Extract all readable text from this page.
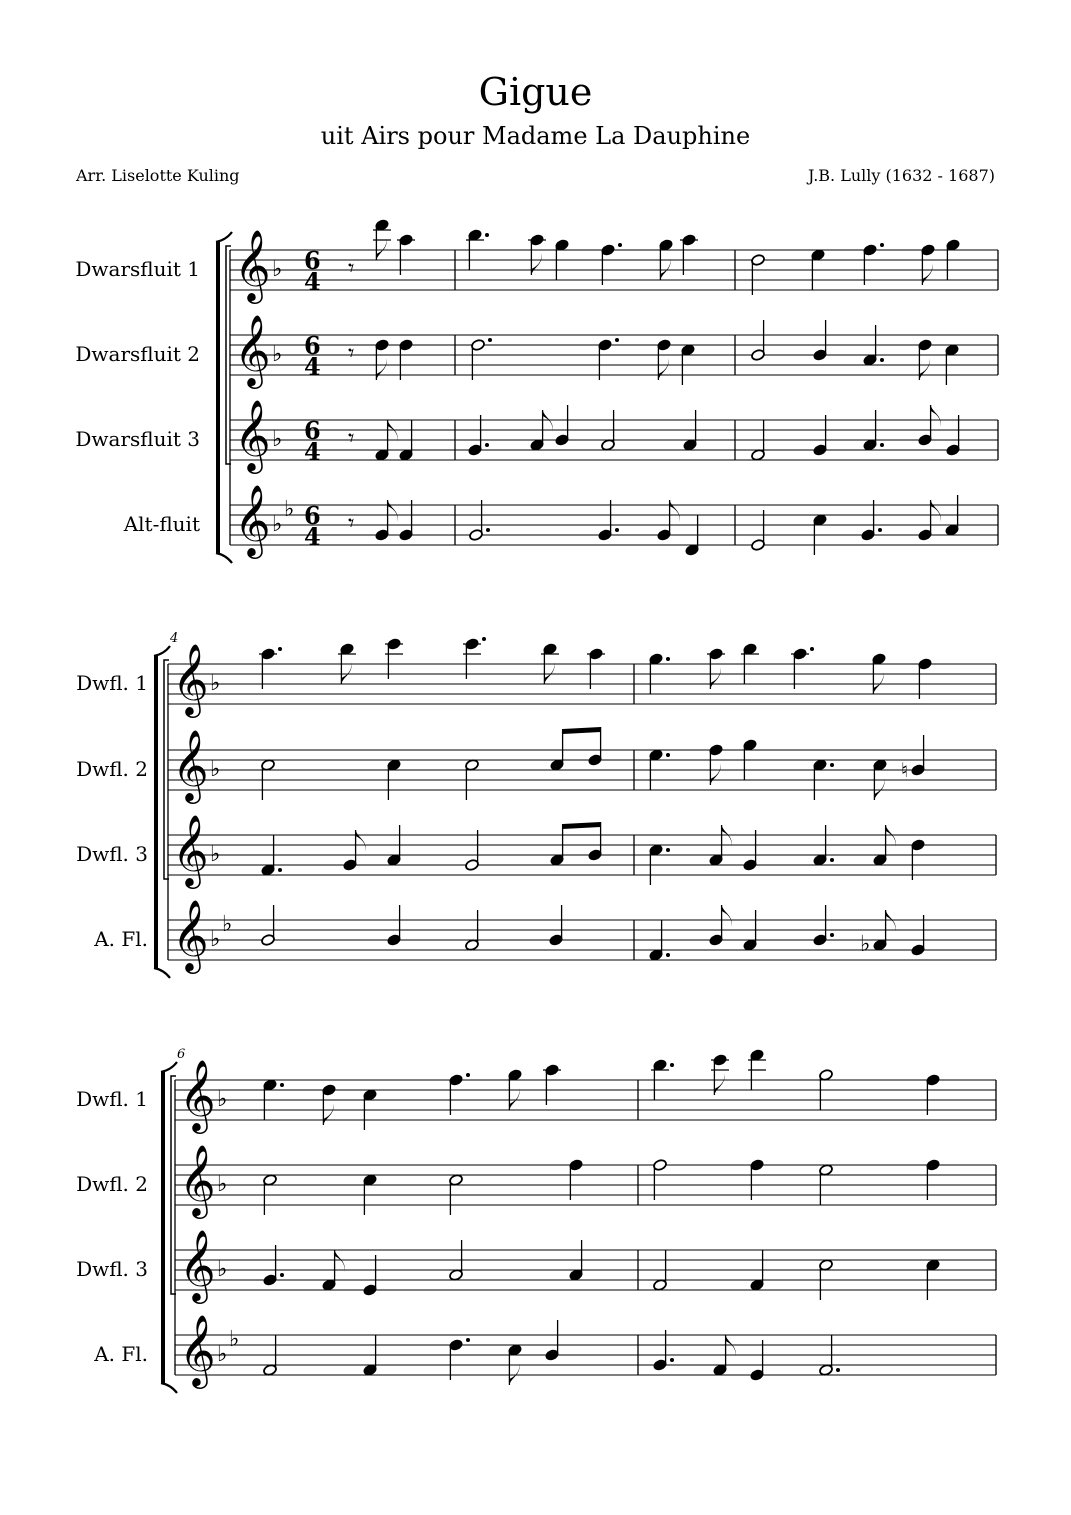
Gigue
uit Airs pour Madame La Dauphine
Arr. Liselotte Kuling	J.B. Lully (1632 - 1687)
Dwarsfluit 1 𝄞 ♭ 6
4
Dwarsfluit 2 𝄞 ♭ 6
4
Dwarsfluit 3 𝄞 ♭ 6
4
Alt-fluit 𝄞 ♭
♭ 6
4
4
Dwfl. 1 𝄞 ♭
Dwfl. 2 𝄞 ♭
Dwfl. 3 𝄞 ♭
A. Fl. 𝄞 ♭
♭
6
Dwfl. 1 𝄞 ♭
Dwfl. 2 𝄞 ♭
Dwfl. 3 𝄞 ♭
A. Fl. 𝄞 ♭
♭
𝄾
𝄾
𝄾
𝄾
♮
♭
